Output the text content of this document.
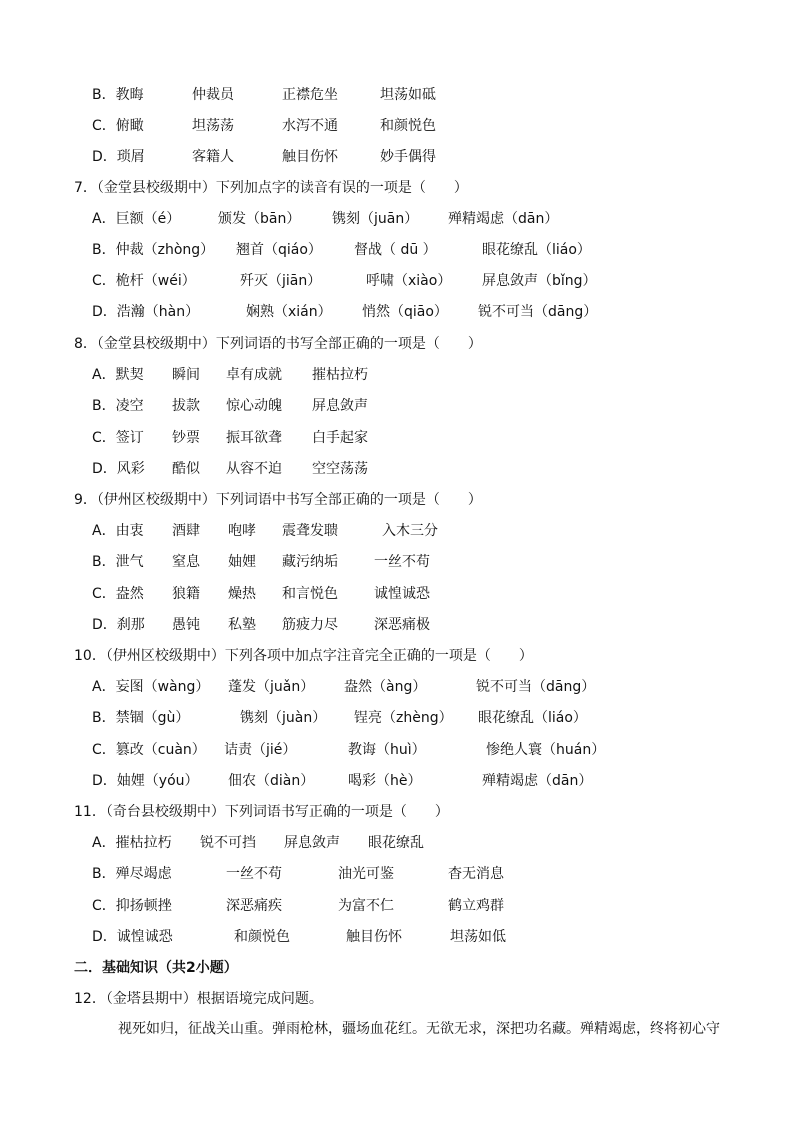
B．教晦	仲裁员	正襟危坐	坦荡如砥
C．俯瞰	坦荡荡	水泻不通	和颜悦色
D．琐屑	客籍人	触目伤怀	妙手偶得
7．（金堂县校级期中）下列加点字的读音有误的一项是（　　）
A．巨额（é）	颁发（bān） 镌刻（juān） 殚精竭虑（dān）
B．仲裁（zhòng） 翘首（qiáo） 督战（ dū ）	眼花缭乱（liáo）
C．桅杆（wéi）	歼灭（jiān）	呼啸（xiào） 屏息敛声（bǐng）
D．浩瀚（hàn）	娴熟（xián） 悄然（qiāo） 锐不可当（dāng）
8．（金堂县校级期中）下列词语的书写全部正确的一项是（　　）
A．默契 瞬间 卓有成就 摧枯拉朽
B．凌空 拔款 惊心动魄 屏息敛声
C．签订 钞票 振耳欲聋 白手起家
D．风彩 酷似 从容不迫 空空荡荡
9．（伊州区校级期中）下列词语中书写全部正确的一项是（　　）
A．由衷 酒肆 咆哮 震聋发聩	入木三分
B．泄气 窒息 妯娌 藏污纳垢	一丝不苟
C．盎然 狼籍 燥热 和言悦色	诚惶诚恐
D．刹那 愚钝 私塾 筋疲力尽	深恶痛极
10．（伊州区校级期中）下列各项中加点字注音完全正确的一项是（　　）
A．妄图（wàng） 蓬发（juǎn） 盎然（àng）	锐不可当（dāng）
B．禁锢（gù）	镌刻（juàn） 锃亮（zhèng） 眼花缭乱（liáo）
C．篡改（cuàn） 诘责（jié）	教诲（huì）	惨绝人寰（huán）
D．妯娌（yóu） 佃农（diàn） 喝彩（hè）	殚精竭虑（dān）
11．（奇台县校级期中）下列词语书写正确的一项是（　　）
A．摧枯拉朽 锐不可挡 屏息敛声 眼花缭乱
B．殚尽竭虑	一丝不苟	油光可鉴	杳无消息
C．抑扬顿挫	深恶痛疾	为富不仁	鹤立鸡群
D．诚惶诚恐	和颜悦色	触目伤怀	坦荡如低
二．基础知识（共2小题）
12．（金塔县期中）根据语境完成问题。
视死如归，征战关山重。弹雨枪林，疆场血花红。无欲无求，深把功名藏。殚精竭虑，终将初心守
